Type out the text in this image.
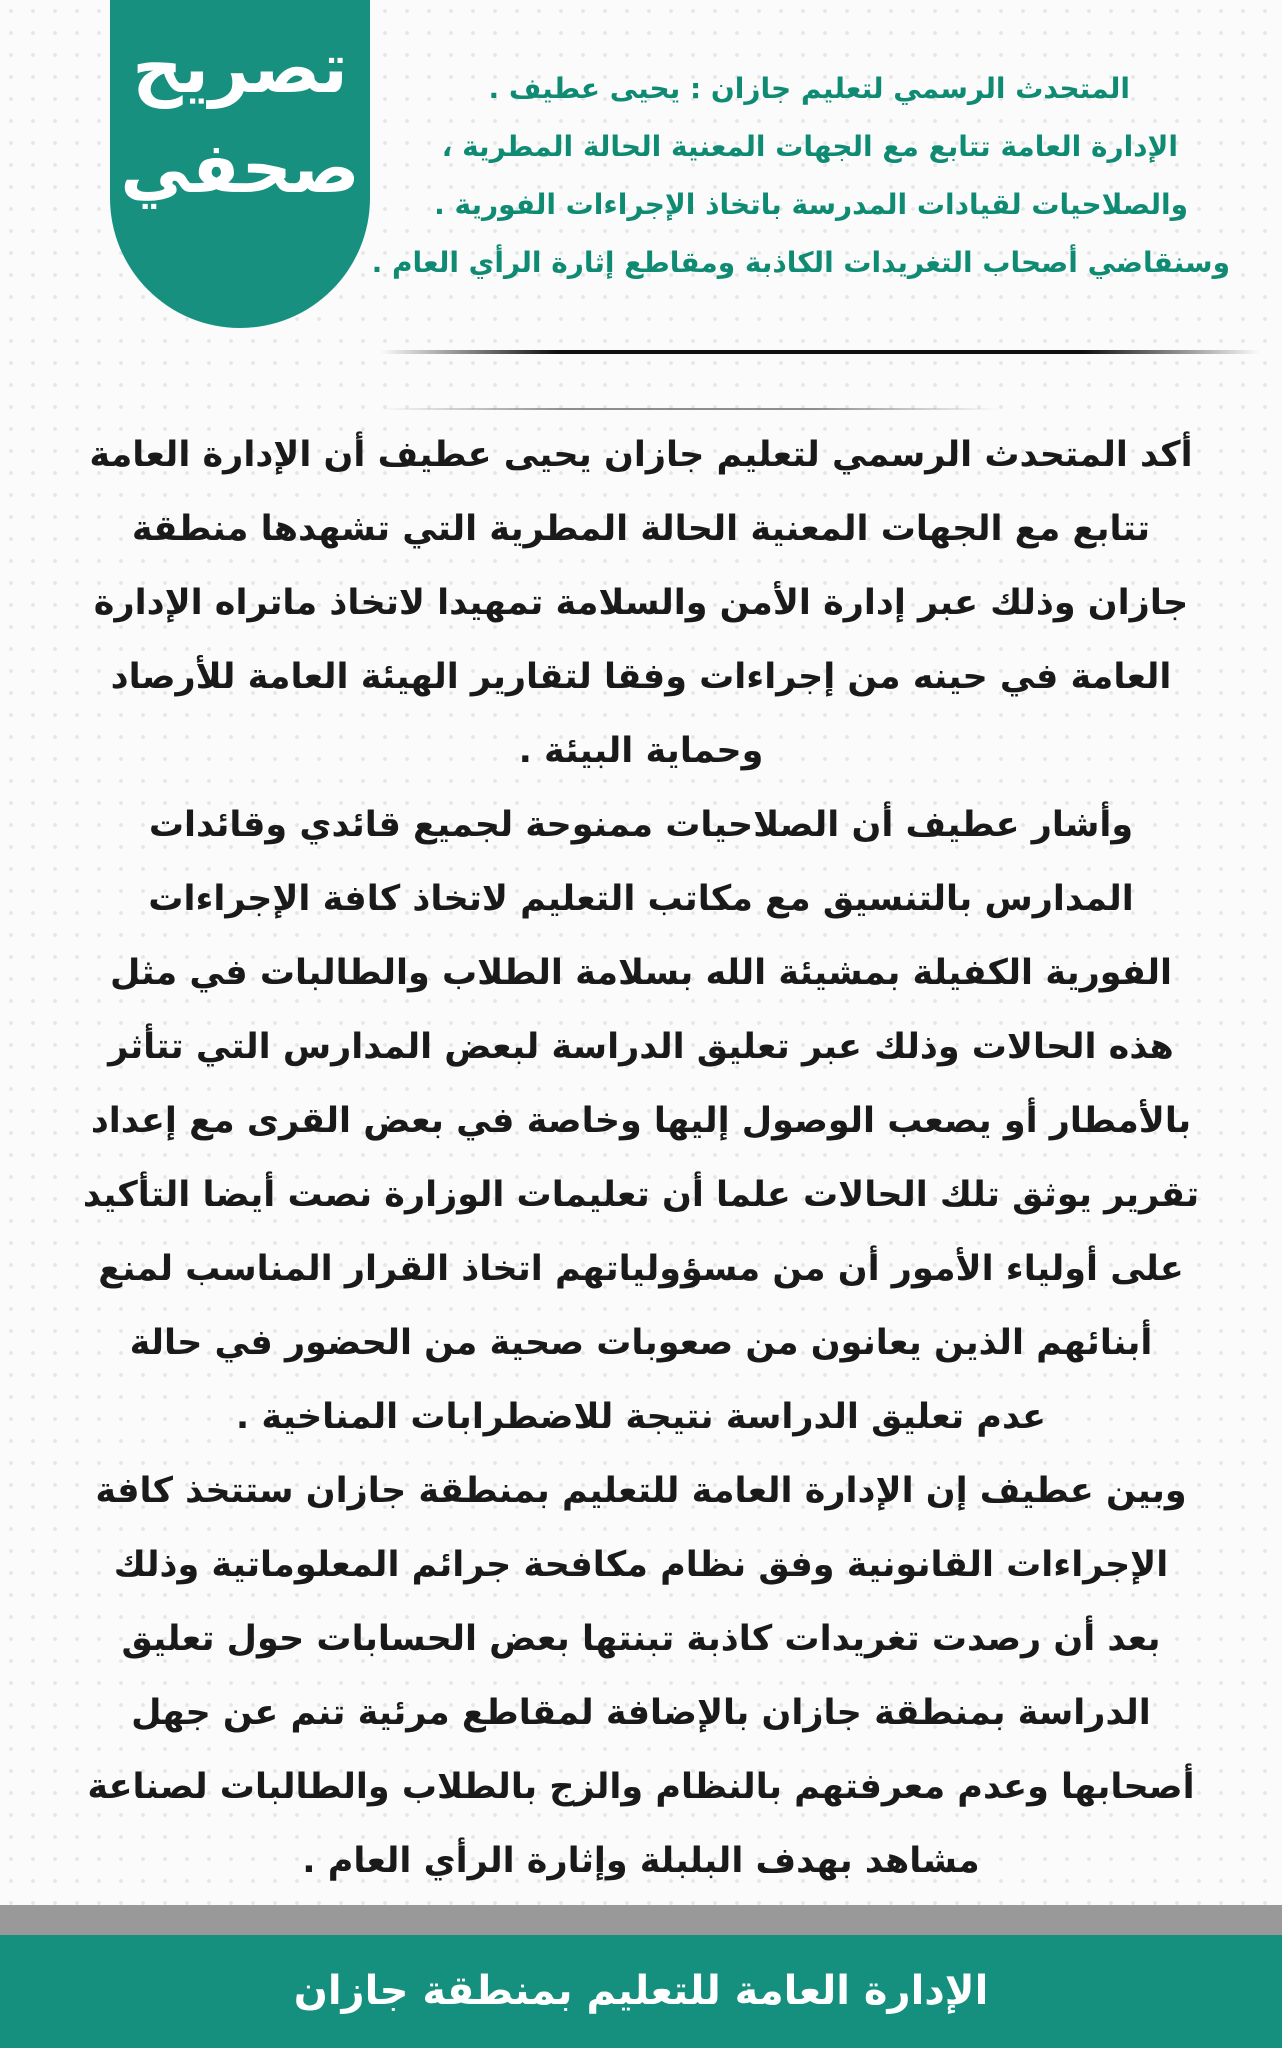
تصريح
صحفي
المتحدث الرسمي لتعليم جازان : يحيى عطيف .
الإدارة العامة تتابع مع الجهات المعنية الحالة المطرية ،
والصلاحيات لقيادات المدرسة باتخاذ الإجراءات الفورية .
وسنقاضي أصحاب التغريدات الكاذبة ومقاطع إثارة الرأي العام .
أكد المتحدث الرسمي لتعليم جازان يحيى عطيف أن الإدارة العامة
تتابع مع الجهات المعنية الحالة المطرية التي تشهدها منطقة
جازان وذلك عبر إدارة الأمن والسلامة تمهيدا لاتخاذ ماتراه الإدارة
العامة في حينه من إجراءات وفقا لتقارير الهيئة العامة للأرصاد
وحماية البيئة .
وأشار عطيف أن الصلاحيات ممنوحة لجميع قائدي وقائدات
المدارس بالتنسيق مع مكاتب التعليم لاتخاذ كافة الإجراءات
الفورية الكفيلة بمشيئة الله بسلامة الطلاب والطالبات في مثل
هذه الحالات وذلك عبر تعليق الدراسة لبعض المدارس التي تتأثر
بالأمطار أو يصعب الوصول إليها وخاصة في بعض القرى مع إعداد
تقرير يوثق تلك الحالات علما أن تعليمات الوزارة نصت أيضا التأكيد
على أولياء الأمور أن من مسؤولياتهم اتخاذ القرار المناسب لمنع
أبنائهم الذين يعانون من صعوبات صحية من الحضور في حالة
عدم تعليق الدراسة نتيجة للاضطرابات المناخية .
وبين عطيف إن الإدارة العامة للتعليم بمنطقة جازان ستتخذ كافة
الإجراءات القانونية وفق نظام مكافحة جرائم المعلوماتية وذلك
بعد أن رصدت تغريدات كاذبة تبنتها بعض الحسابات حول تعليق
الدراسة بمنطقة جازان بالإضافة لمقاطع مرئية تنم عن جهل
أصحابها وعدم معرفتهم بالنظام والزج بالطلاب والطالبات لصناعة
مشاهد بهدف البلبلة وإثارة الرأي العام .
الإدارة العامة للتعليم بمنطقة جازان
